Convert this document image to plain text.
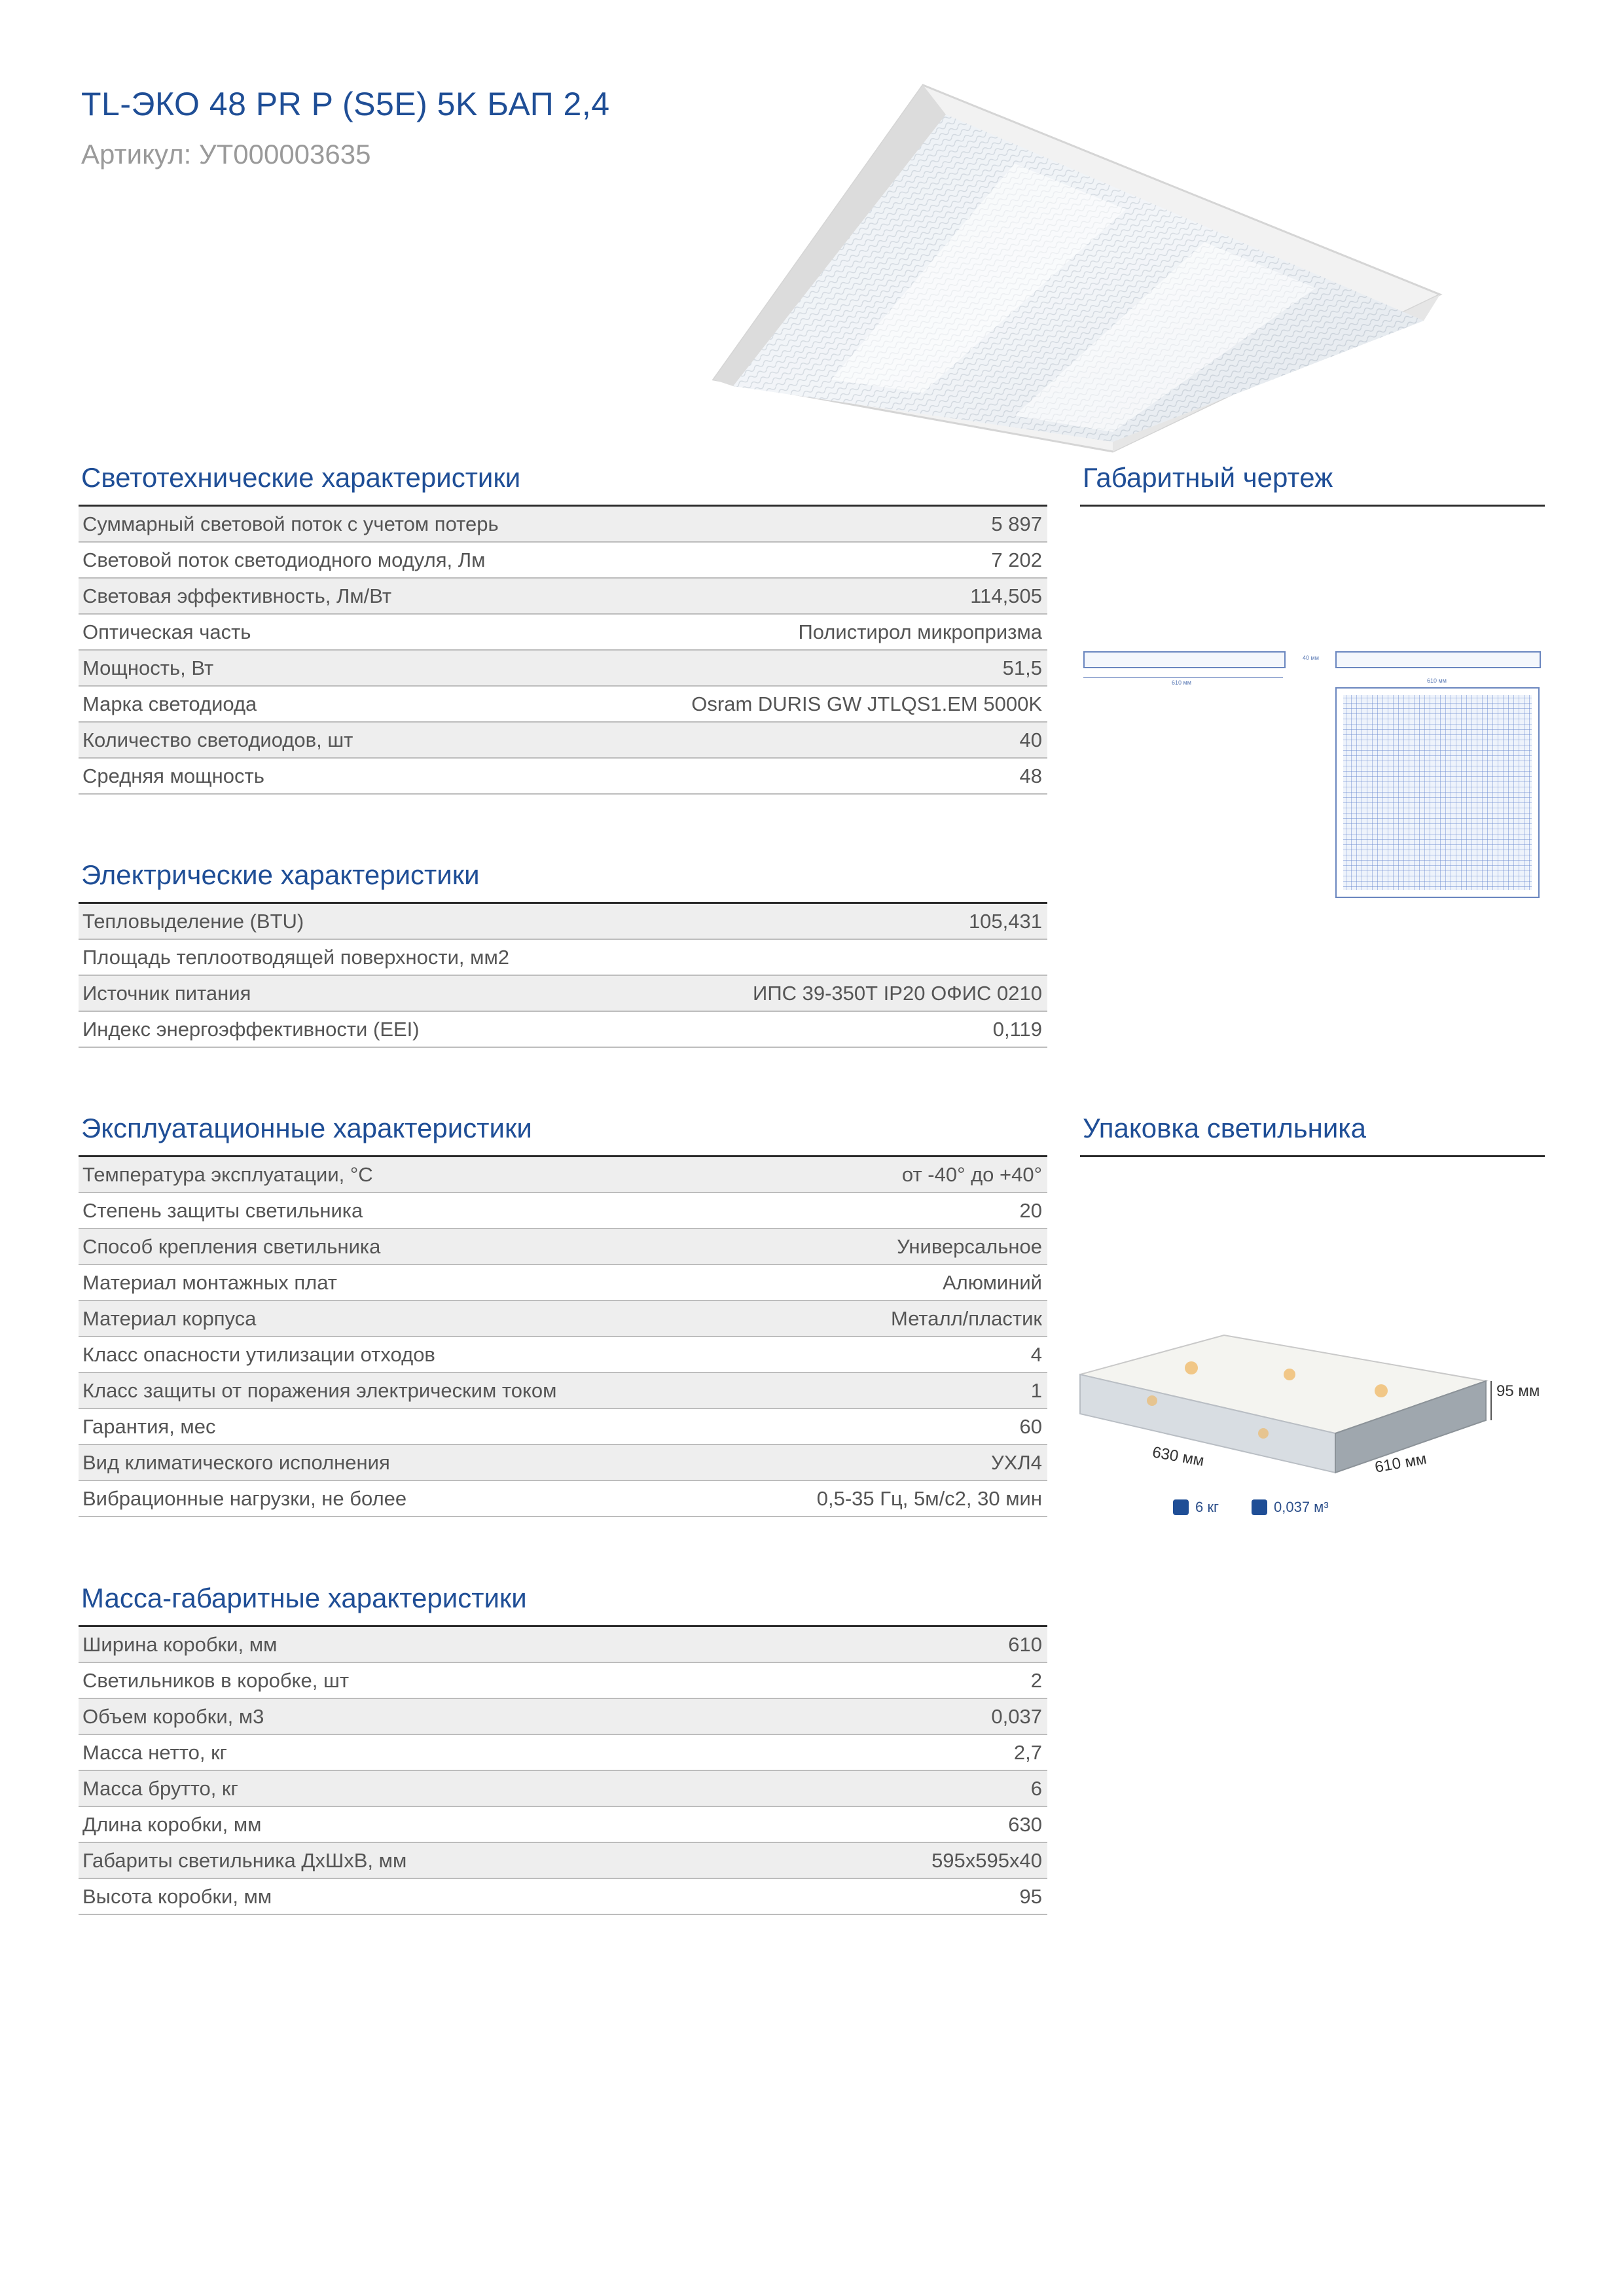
TL-ЭКО 48 PR P (S5E) 5K БАП 2,4
Артикул: УТ000003635
Светотехнические характеристики
Суммарный световой поток с учетом потерь	5 897
Световой поток светодиодного модуля, Лм	7 202
Световая эффективность, Лм/Вт	114,505
Оптическая часть	Полистирол микропризма
Мощность, Вт	51,5
Марка светодиода	Osram DURIS GW JTLQS1.EM 5000K
Количество светодиодов, шт	40
Средняя мощность	48
Электрические характеристики
Тепловыделение (BTU)	105,431
Площадь теплоотводящей поверхности, мм2
Источник питания	ИПС 39-350Т IP20 ОФИС 0210
Индекс энергоэффективности (EEI)	0,119
Эксплуатационные характеристики
Температура эксплуатации, °С	от -40° до +40°
Степень защиты светильника	20
Способ крепления светильника	Универсальное
Материал монтажных плат	Алюминий
Материал корпуса	Металл/пластик
Класс опасности утилизации отходов	4
Класс защиты от поражения электрическим током	1
Гарантия, мес	60
Вид климатического исполнения	УХЛ4
Вибрационные нагрузки, не более	0,5-35 Гц, 5м/с2, 30 мин
Масса-габаритные характеристики
Ширина коробки, мм	610
Светильников в коробке, шт	2
Объем коробки, м3	0,037
Масса нетто, кг	2,7
Масса брутто, кг	6
Длина коробки, мм	630
Габариты светильника ДхШхВ, мм	595x595x40
Высота коробки, мм	95
Габаритный чертеж
610 мм
40 мм
610 мм
Упаковка светильника
95 мм
630 мм	610 мм
6 кг	0,037 м³
